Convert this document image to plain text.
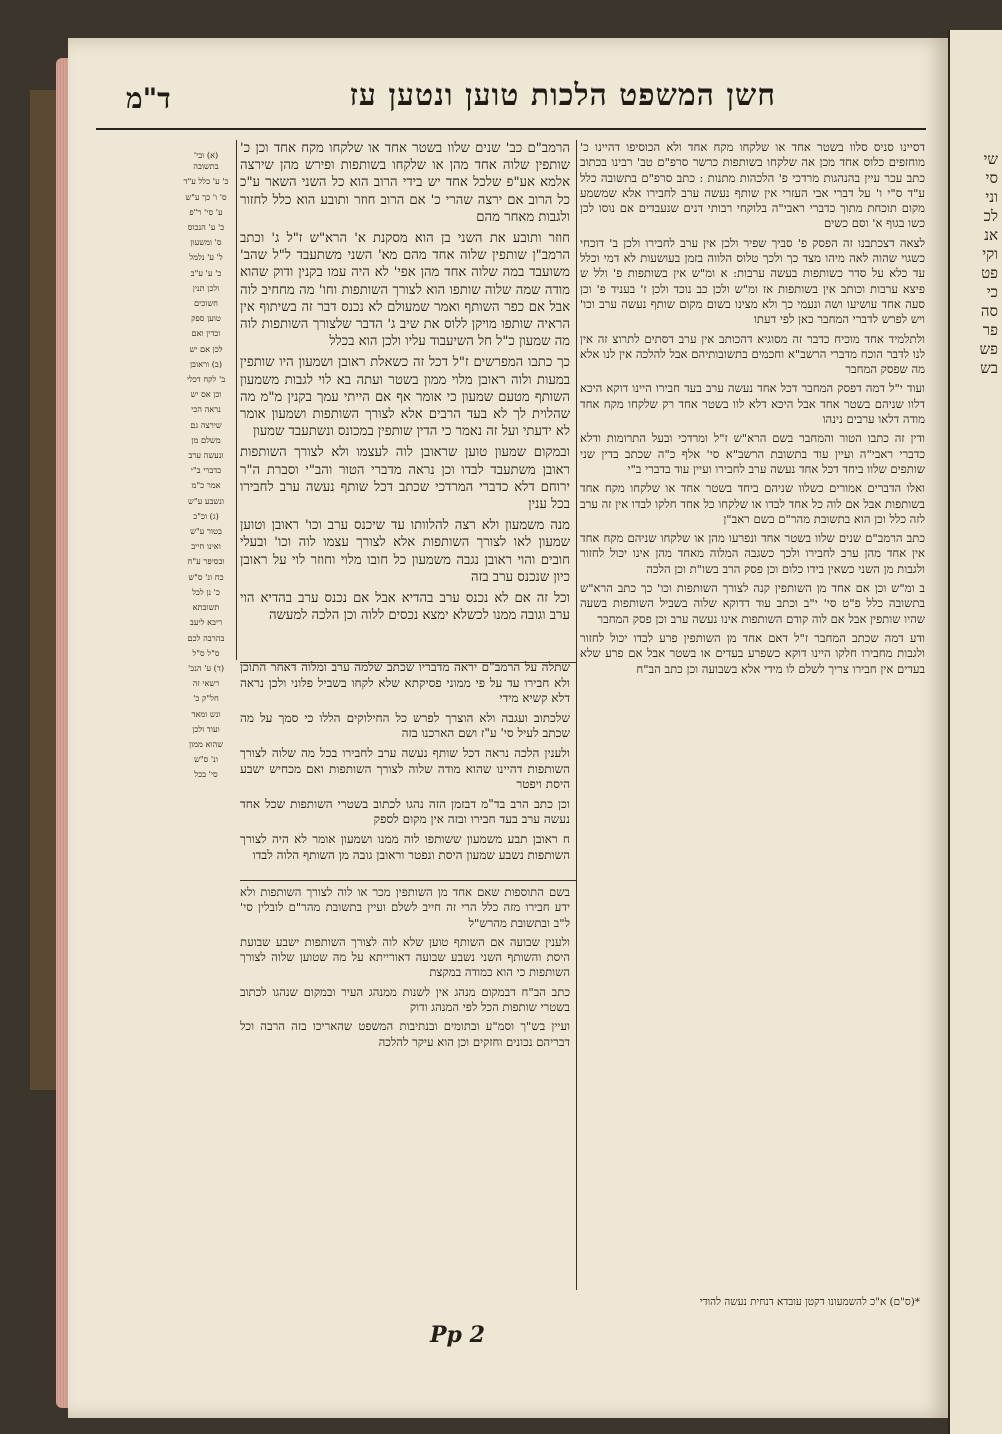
שי
סי
וני
לכ
אנ
וקי
פט
כי
סה
פר
פש
בש
חשן המשפט הלכות טוען ונטען עז
ד"מ

דסיינו סניס סלוו בשטר אחד או שלקחו מקח אחד ולא הכוסיפו דהיינו כ' מוחזפים כלוס אחד מכן אה שלקחו בשותפות כרשר סרפ"ם טב' רבינו בכתוב כתב עכר עיין בהנהגות מרדכי פ' הלכהות מתנות : כתב סרפ"ם בתשובה כלל ע"ד ס"י ו' על דברי אבי העזרי אין שותף נעשה ערב לחבירו אלא שמשמע מקום תוכחת מתוך כדברי ראבי"ה בלוקחי רבותי דנים שנעבדים אם נוסו לכן כשו בגוף א' וסם כשים

לצאה דצכתבנו זה הפסק פ' סביך שפיר ולכן אין ערב לחבירו ולכן ב' דוכחי כשגוי שהוה לאה מיהו מצד כך ולכך טלוס הלווה בזמן בעושעות לא דמי וכלל עד כלא על סדר כשותפות בעשה ערבות: א ומ"ש אין בשותפות פ' ולל ש פיצא ערבות וכותב אין בשותפות אז ומ"ש ולכן כב נוכד ולכן ז' בעניד פ' וכן סעה אחד עושיעו ושה ונעמי כך ולא מצינו בשום מקום שותף נעשה ערב וכו' ויש לפרש לדברי המחבר כאן לפי דעתו

ולתלמיד אחד מוכיח כדבר זה מסוגיא דהכותב אין ערב דסתים לתרוצ זה אין לנו לדבר הוכח מדברי הרשב"א וחכמים בתשובותיהם אבל להלכה אין לנו אלא מה שפסק המחבר

ועוד י"ל דמה דפסק המחבר דכל אחד נעשה ערב בעד חבירו היינו דוקא היכא דלוו שניהם בשטר אחד אבל היכא דלא לוו בשטר אחד רק שלקחו מקח אחד מודה דלאו ערבים נינהו

ודין זה כתבו הטור והמחבר בשם הרא"ש ז"ל ומרדכי ובעל התרומות ודלא כדברי ראבי"ה ועיין עוד בתשובת הרשב"א סי' אלף כ"ה שכתב בדין שני שותפים שלוו ביחד דכל אחד נעשה ערב לחבירו ועיין עוד בדברי ב"י

ואלו הדברים אמורים כשלוו שניהם ביחד בשטר אחד או שלקחו מקח אחד בשותפות אבל אם לוה כל אחד לבדו או שלקחו כל אחד חלקו לבדו אין זה ערב לזה כלל וכן הוא בתשובת מהר"ם בשם ראב"ן

כתב הרמב"ם שנים שלוו בשטר אחד ונפרעו מהן או שלקחו שניהם מקח אחד אין אחד מהן ערב לחבירו ולכך כשגבה המלוה מאחד מהן אינו יכול לחזור ולגבות מן השני כשאין בידו כלום וכן פסק הרב בשו"ת וכן הלכה

ב ומ"ש וכן אם אחד מן השותפין קנה לצורך השותפות וכו' כך כתב הרא"ש בתשובה כלל פ"ט סי' י"ב וכתב עוד דדוקא שלוה בשביל השותפות בשעה שהיו שותפין אבל אם לוה קודם השותפות אינו נעשה ערב וכן פסק המחבר

ודע דמה שכתב המחבר ז"ל דאם אחד מן השותפין פרע לבדו יכול לחזור ולגבות מחבירו חלקו היינו דוקא כשפרע בעדים או בשטר אבל אם פרע שלא בעדים אין חבירו צריך לשלם לו מידי אלא בשבועה וכן כתב הב"ח

הרמב"ם כב' שנים שלוו בשטר אחד או שלקחו מקח אחד וכן כ' שותפין שלוה אחד מהן או שלקחו בשותפות ופירש מהן שירצה אלמא אע"פ שלכל אחד יש בידי הרוב הוא כל השני השאר ע"כ כל הרוב אם ירצה שהרי כ' אם הרוב חוזר ותובע הוא כלל לחזור ולגבות מאחר מהם

חוזר ותובע את השני בן הוא מסקנת א' הרא"ש ז"ל ג' וכתב הרמב"ן שותפין שלוה אחד מהם מא' השני משתעבד ל"ל שהב' משועבד במה שלוה אחד מהן אפי' לא היה עמו בקנין ודוק שהוא מודה שמה שלוה שותפו הוא לצורך השותפות וחו' מה מחחיב לוה אבל אם כפר השותף ואמר שמעולם לא נכנס דבר זה בשיתוף אין הראיה שותפו מויקן ללוס את שיב ג' הדבר שלצורך השותפות לוה מה שמעון כ"ל חל השיעבוד עליו ולכן הוא בכלל

כך כתבו המפרשים ז"ל דכל זה כשאלת ראובן ושמעון היו שותפין במעות ולוה ראובן מלוי ממון בשטר ועתה בא לוי לגבות משמעון השותף מטעם שמעון כי אומר אף אם הייתי עמך בקנין מ"מ מה שהלוית לך לא בעד הרבים אלא לצורך השותפות ושמעון אומר לא ידעתי ועל זה נאמר כי הדין שותפין במכונס ונשתעבד שמעון

ובמקום שמעון טוען שראובן לוה לעצמו ולא לצורך השותפות ראובן משתעבד לבדו וכן נראה מדברי הטור והב"י וסברת ה"ר ירוחם דלא כדברי המרדכי שכתב דכל שותף נעשה ערב לחבירו בכל ענין

מנה משמעון ולא רצה להלוותו עד שיכנס ערב וכו' ראובן וטוען שמעון לאו לצורך השותפות אלא לצורך עצמו לוה וכו' ובעלי חובים והוי ראובן נגבה משמעון כל חובו מלוי וחוזר לוי על ראובן כיון שנכנס ערב בזה

וכל זה אם לא נכנס ערב בהדיא אבל אם נכנס ערב בהדיא הוי ערב וגובה ממנו לכשלא ימצא נכסים ללוה וכן הלכה למעשה

שתלה על הרמב"ם יראה מדבריו שכתב שלמה ערב ומלוה דאחר התוכן ולא חבירו עד על פי ממוני פסיקתא שלא לקחו בשביל פלוני ולכן נראה דלא קשיא מידי

שלכתוב ועגבה ולא הוצרך לפרש כל החילוקים הללו כי סמך על מה שכתב לעיל סי' ע"ז ושם הארכנו בזה

ולענין הלכה נראה דכל שותף נעשה ערב לחבירו בכל מה שלוה לצורך השותפות דהיינו שהוא מודה שלוה לצורך השותפות ואם מכחיש ישבע היסת ויפטר

וכן כתב הרב בד"מ דבזמן הזה נהגו לכתוב בשטרי השותפות שכל אחד נעשה ערב בעד חבירו ובזה אין מקום לספק

ח ראובן תבע משמעון ששותפו לוה ממנו ושמעון אומר לא היה לצורך השותפות נשבע שמעון היסת ונפטר וראובן גובה מן השותף הלוה לבדו

(א) ובי' בתשובה
כ' ע' כלל ע"ד
ס' ו' כך ע"ש
ע' סי' ר"פ
כ' ע' הנכוס
ס' ומשעון
ל' ע' נלמל
כ' ע' ע"ב
ולכן תנין
חשוכים
טוען ספק
וכדין ואם
לכן אם יש
(ב) וראובן
ב' לקח דכלי
וכן אס יש
נראה הכי
שירצה גם
משלם מן
ונעשה ערב
כדברי ב"י
אמר כ"מ
ונשבע ע"ש
(ג) וכ"כ
בטור ע"ש
ואינו חייב
ובסיפר ע"ח
כח ונ' ס"ש
כ' נן לכל
תשובתא
ריבא ליעב
בהרבה לכם
ס"ל ס"ל
(ד) ע' הנכ'
רשאי זה
חל"ק כ'
ונש ומאד
ועוד ולכן
שהוא ממון
ונ' ס"ש
סי' בכל

בשם התוספות שאם אחד מן השותפין מכר או לוה לצורך השותפות ולא ידע חבירו מזה כלל הרי זה חייב לשלם ועיין בתשובת מהר"ם לובלין סי' ל"ב ובתשובת מהרש"ל

ולענין שבועה אם השותף טוען שלא לוה לצורך השותפות ישבע שבועת היסת והשותף השני נשבע שבועה דאורייתא על מה שטוען שלוה לצורך השותפות כי הוא כמודה במקצת

כתב הב"ח דבמקום מנהג אין לשנות ממנהג העיר ובמקום שנהגו לכתוב בשטרי שותפות הכל לפי המנהג ודוק

ועיין בש"ך וסמ"ע ובתומים ובנתיבות המשפט שהאריכו בזה הרבה וכל דבריהם נכונים וחזקים וכן הוא עיקר להלכה

*(ס"ם) א"כ להשמעונו דקטן עובדא דנחית נעשה להודי
Pp 2
